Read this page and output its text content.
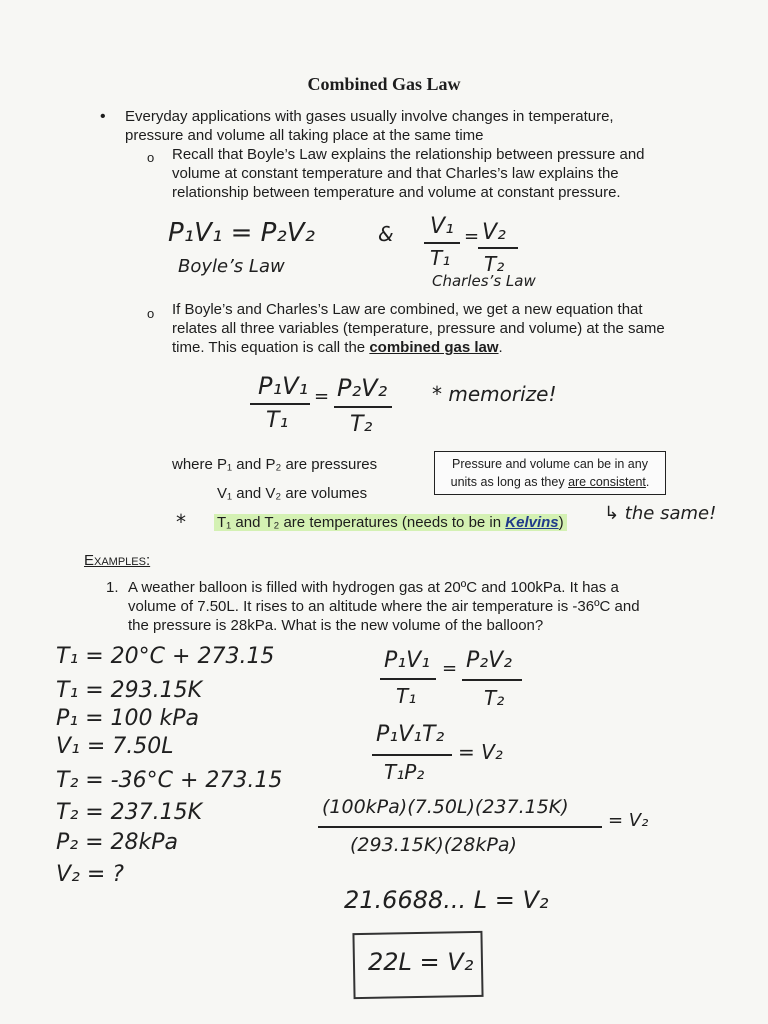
Combined Gas Law
• Everyday applications with gases usually involve changes in temperature,
pressure and volume all taking place at the same time
o Recall that Boyle’s Law explains the relationship between pressure and
volume at constant temperature and that Charles’s law explains the
relationship between temperature and volume at constant pressure.
P₁V₁ = P₂V₂
Boyle’s Law
& V₁
T₁
= V₂
T₂
Charles’s Law
o If Boyle’s and Charles’s Law are combined, we get a new equation that
relates all three variables (temperature, pressure and volume) at the same
time. This equation is call the combined gas law.
P₁V₁
T₁
= P₂V₂
T₂
* memorize!
where P₁ and P₂ are pressures
V₁ and V₂ are volumes
* T₁ and T₂ are temperatures (needs to be in Kelvins)
Pressure and volume can be in any
units as long as they are consistent.
↳ the same!
Examples:
1. A weather balloon is filled with hydrogen gas at 20ºC and 100kPa. It has a
volume of 7.50L. It rises to an altitude where the air temperature is -36ºC and
the pressure is 28kPa. What is the new volume of the balloon?
T₁ = 20°C + 273.15
T₁ = 293.15K
P₁ = 100 kPa
V₁ = 7.50L
T₂ = -36°C + 273.15
T₂ = 237.15K
P₂ = 28kPa
V₂ = ?
P₁V₁
T₁
= P₂V₂
T₂
P₁V₁T₂
T₁P₂
= V₂
(100kPa)(7.50L)(237.15K)
(293.15K)(28kPa)
= V₂
21.6688... L = V₂
22L = V₂
